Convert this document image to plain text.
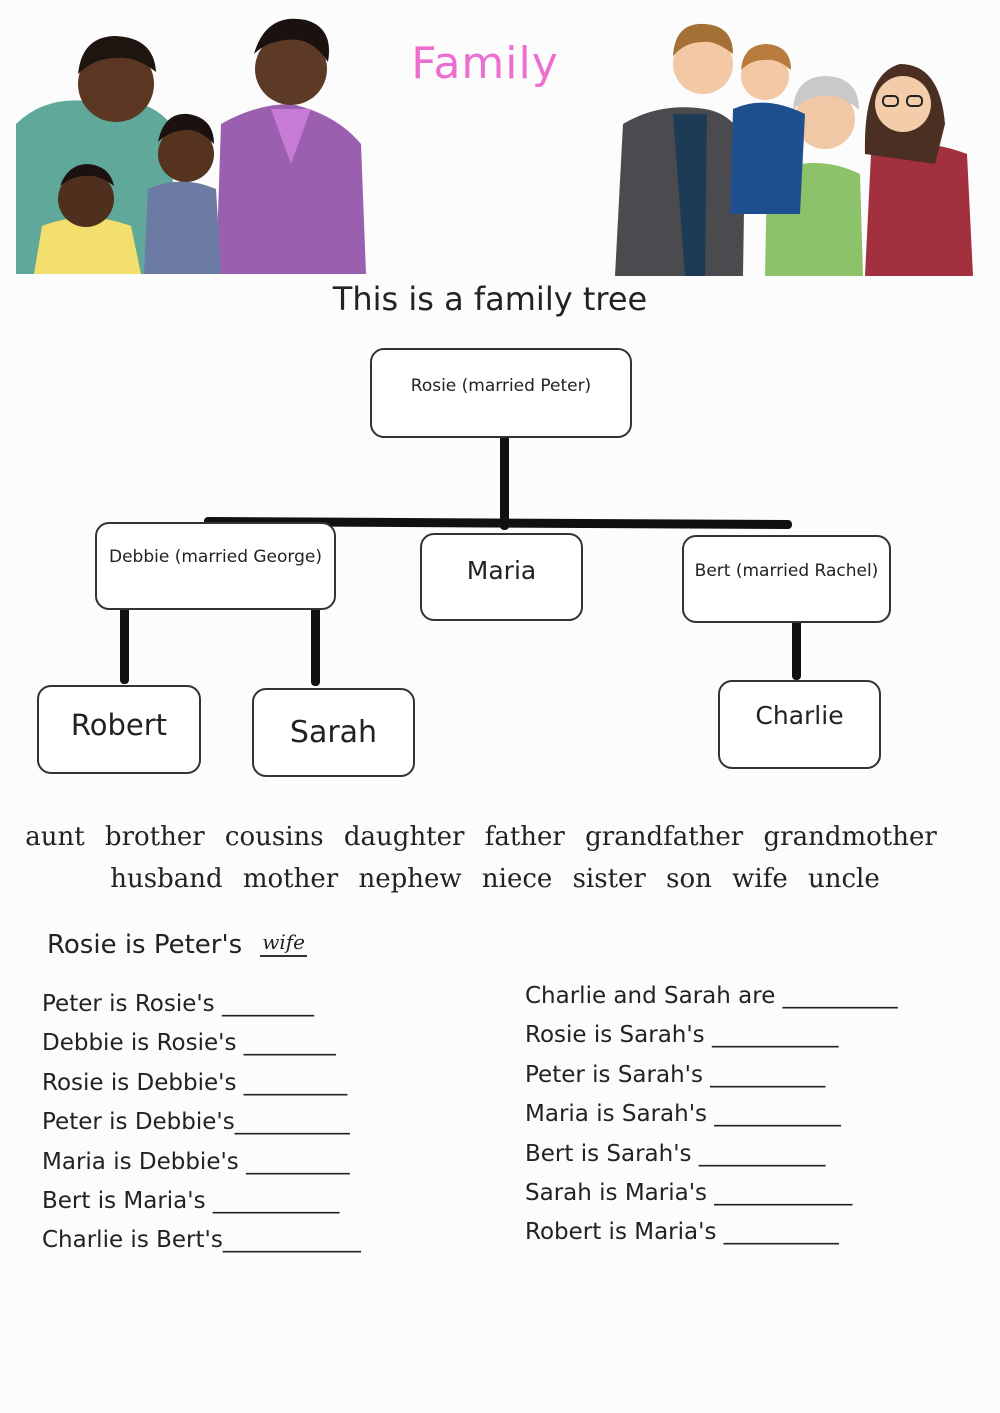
Family
This is a family tree
Rosie (married Peter)
Debbie (married George)	Maria	Bert (married Rachel)
Robert	Sarah	Charlie
aunt brother cousins daughter father grandfather grandmother
husband mother nephew niece sister son wife uncle
Rosie is Peter's wife
Peter is Rosie's ________
Debbie is Rosie's ________
Rosie is Debbie's _________
Peter is Debbie's__________
Maria is Debbie's _________
Bert is Maria's ___________
Charlie is Bert's____________
Charlie and Sarah are __________
Rosie is Sarah's ___________
Peter is Sarah's __________
Maria is Sarah's ___________
Bert is Sarah's ___________
Sarah is Maria's ____________
Robert is Maria's __________
